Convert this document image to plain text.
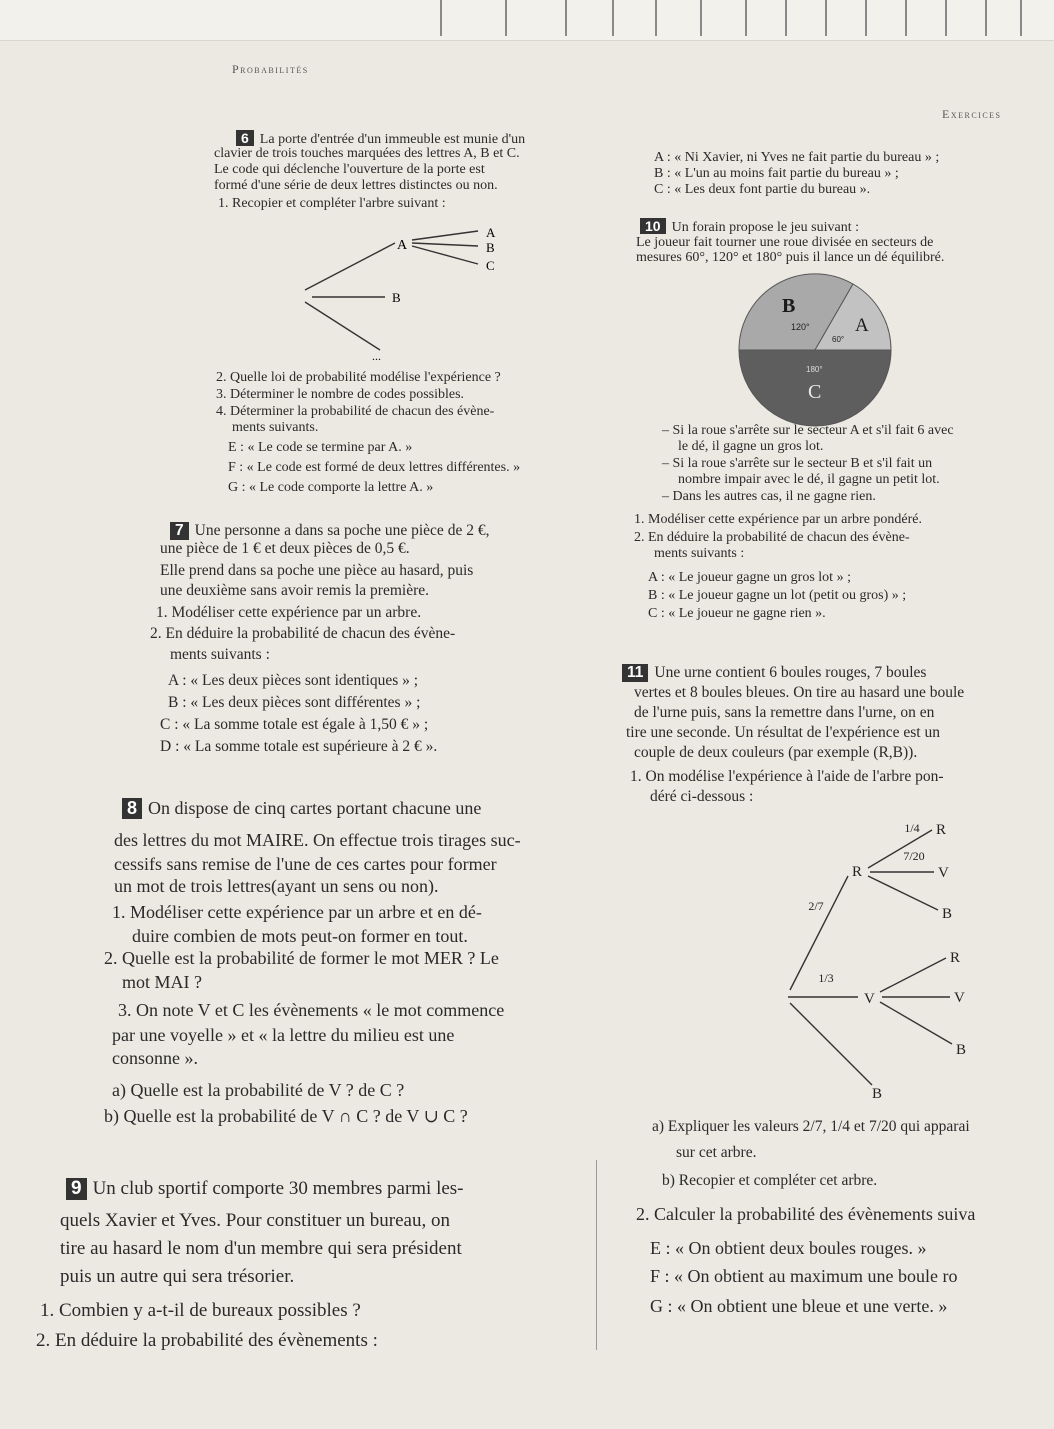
Probabilités
Exercices
6 La porte d'entrée d'un immeuble est munie d'un
clavier de trois touches marquées des lettres A, B et C.
Le code qui déclenche l'ouverture de la porte est
formé d'une série de deux lettres distinctes ou non.
1. Recopier et compléter l'arbre suivant :
A
A
B
C
B
...
2. Quelle loi de probabilité modélise l'expérience ?
3. Déterminer le nombre de codes possibles.
4. Déterminer la probabilité de chacun des évène-
ments suivants.
E : « Le code se termine par A. »
F : « Le code est formé de deux lettres différentes. »
G : « Le code comporte la lettre A. »
7 Une personne a dans sa poche une pièce de 2 €,
une pièce de 1 € et deux pièces de 0,5 €.
Elle prend dans sa poche une pièce au hasard, puis
une deuxième sans avoir remis la première.
1. Modéliser cette expérience par un arbre.
2. En déduire la probabilité de chacun des évène-
ments suivants :
A : « Les deux pièces sont identiques » ;
B : « Les deux pièces sont différentes » ;
C : « La somme totale est égale à 1,50 € » ;
D : « La somme totale est supérieure à 2 € ».
8 On dispose de cinq cartes portant chacune une
des lettres du mot MAIRE. On effectue trois tirages suc-
cessifs sans remise de l'une de ces cartes pour former
un mot de trois lettres(ayant un sens ou non).
1. Modéliser cette expérience par un arbre et en dé-
duire combien de mots peut-on former en tout.
2. Quelle est la probabilité de former le mot MER ? Le
mot MAI ?
3. On note V et C les évènements « le mot commence
par une voyelle » et « la lettre du milieu est une
consonne ».
a) Quelle est la probabilité de V ? de C ?
b) Quelle est la probabilité de V ∩ C ? de V ∪ C ?
9 Un club sportif comporte 30 membres parmi les-
quels Xavier et Yves. Pour constituer un bureau, on
tire au hasard le nom d'un membre qui sera président
puis un autre qui sera trésorier.
1. Combien y a-t-il de bureaux possibles ?
2. En déduire la probabilité des évènements :
A : « Ni Xavier, ni Yves ne fait partie du bureau » ;
B : « L'un au moins fait partie du bureau » ;
C : « Les deux font partie du bureau ».
10 Un forain propose le jeu suivant :
Le joueur fait tourner une roue divisée en secteurs de
mesures 60°, 120° et 180° puis il lance un dé équilibré.
B
A
C
120°
60°
180°
– Si la roue s'arrête sur le secteur A et s'il fait 6 avec
le dé, il gagne un gros lot.
– Si la roue s'arrête sur le secteur B et s'il fait un
nombre impair avec le dé, il gagne un petit lot.
– Dans les autres cas, il ne gagne rien.
1. Modéliser cette expérience par un arbre pondéré.
2. En déduire la probabilité de chacun des évène-
ments suivants :
A : « Le joueur gagne un gros lot » ;
B : « Le joueur gagne un lot (petit ou gros) » ;
C : « Le joueur ne gagne rien ».
11 Une urne contient 6 boules rouges, 7 boules
vertes et 8 boules bleues. On tire au hasard une boule
de l'urne puis, sans la remettre dans l'urne, on en
tire une seconde. Un résultat de l'expérience est un
couple de deux couleurs (par exemple (R,B)).
1. On modélise l'expérience à l'aide de l'arbre pon-
déré ci-dessous :
R
V
B
R
V
B
R
V
B
2/7
1/3
1/4
7/20
a) Expliquer les valeurs 2/7, 1/4 et 7/20 qui apparai
sur cet arbre.
b) Recopier et compléter cet arbre.
2. Calculer la probabilité des évènements suiva
E : « On obtient deux boules rouges. »
F : « On obtient au maximum une boule ro
G : « On obtient une bleue et une verte. »
